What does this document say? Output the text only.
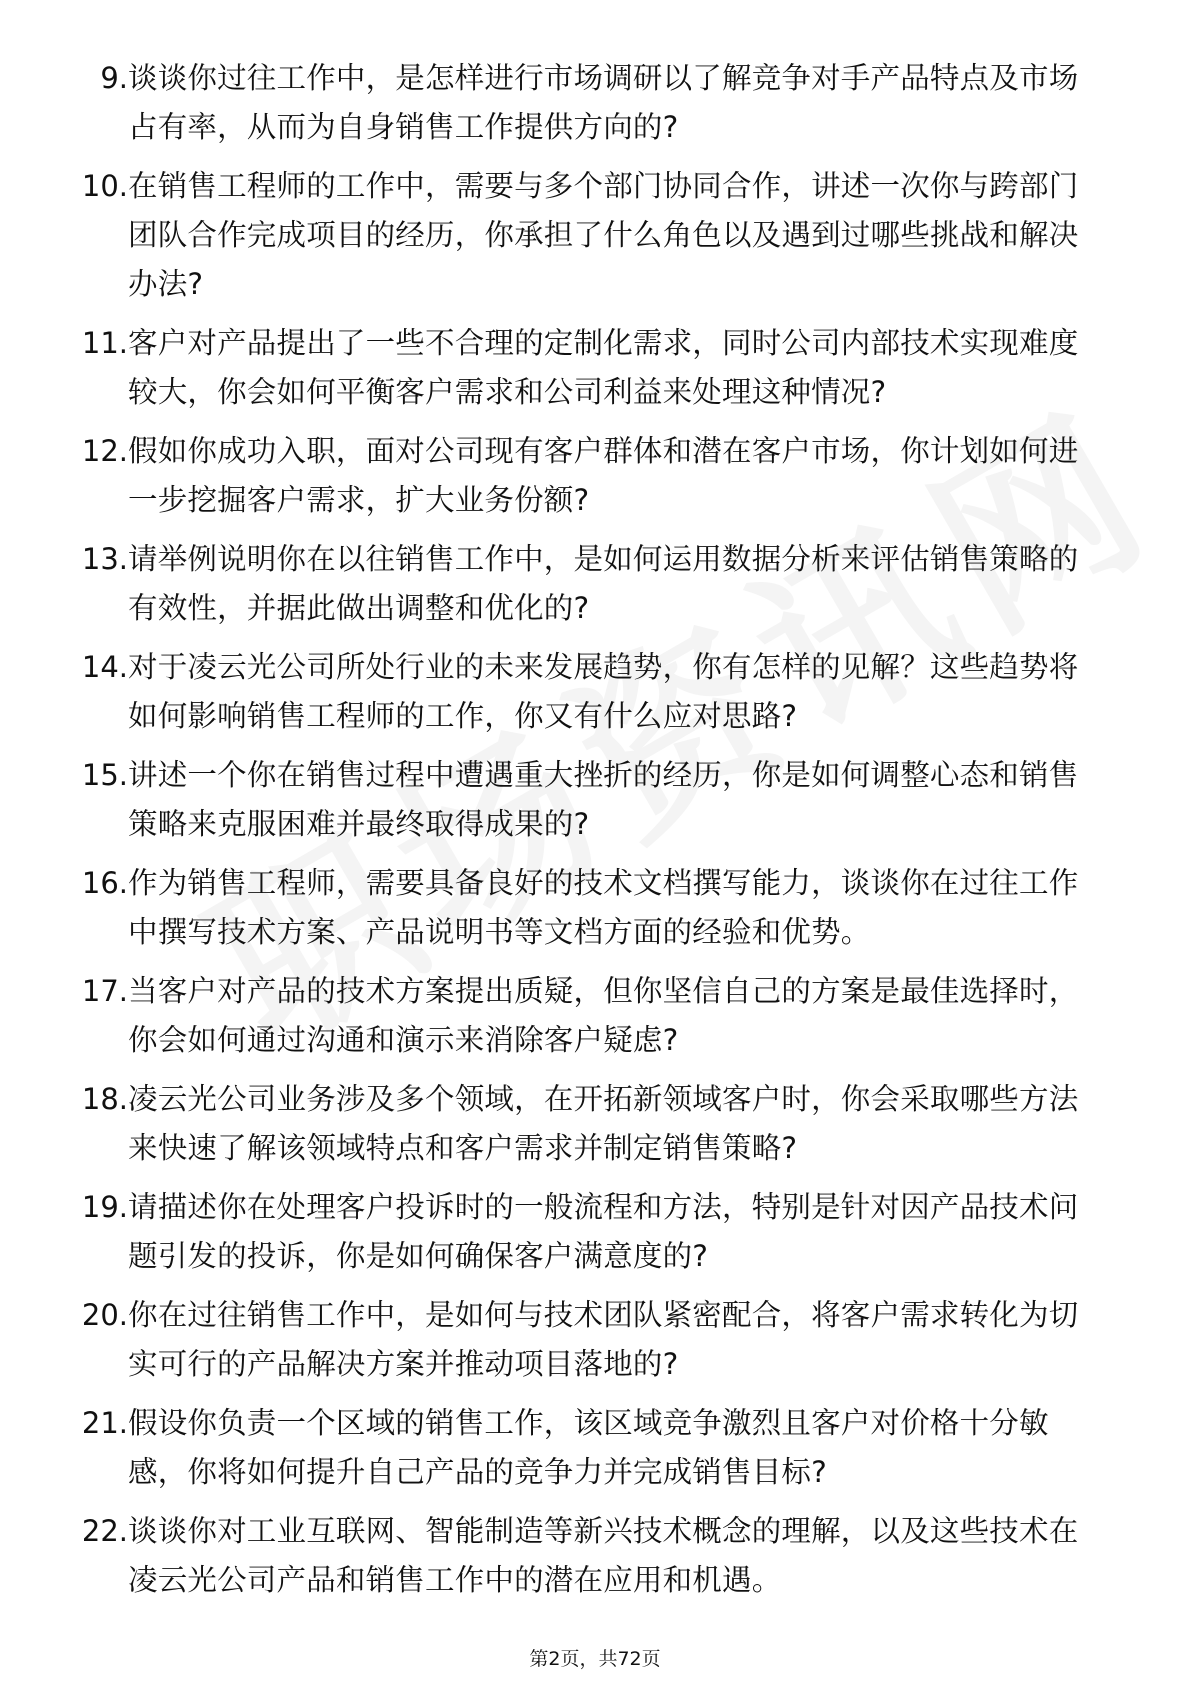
9. 谈谈你过往工作中，是怎样进行市场调研以了解竞争对手产品特点及市场占有率，从而为自身销售工作提供方向的?
10. 在销售工程师的工作中，需要与多个部门协同合作，讲述一次你与跨部门团队合作完成项目的经历，你承担了什么角色以及遇到过哪些挑战和解决办法?
11. 客户对产品提出了一些不合理的定制化需求，同时公司内部技术实现难度较大，你会如何平衡客户需求和公司利益来处理这种情况?
12. 假如你成功入职，面对公司现有客户群体和潜在客户市场，你计划如何进一步挖掘客户需求，扩大业务份额?
13. 请举例说明你在以往销售工作中，是如何运用数据分析来评估销售策略的有效性，并据此做出调整和优化的?
14. 对于凌云光公司所处行业的未来发展趋势，你有怎样的见解？这些趋势将如何影响销售工程师的工作，你又有什么应对思路?
15. 讲述一个你在销售过程中遭遇重大挫折的经历，你是如何调整心态和销售策略来克服困难并最终取得成果的?
16. 作为销售工程师，需要具备良好的技术文档撰写能力，谈谈你在过往工作中撰写技术方案、产品说明书等文档方面的经验和优势。
17. 当客户对产品的技术方案提出质疑，但你坚信自己的方案是最佳选择时，你会如何通过沟通和演示来消除客户疑虑?
18. 凌云光公司业务涉及多个领域，在开拓新领域客户时，你会采取哪些方法来快速了解该领域特点和客户需求并制定销售策略?
19. 请描述你在处理客户投诉时的一般流程和方法，特别是针对因产品技术问题引发的投诉，你是如何确保客户满意度的?
20. 你在过往销售工作中，是如何与技术团队紧密配合，将客户需求转化为切实可行的产品解决方案并推动项目落地的?
21. 假设你负责一个区域的销售工作，该区域竞争激烈且客户对价格十分敏感，你将如何提升自己产品的竞争力并完成销售目标?
22. 谈谈你对工业互联网、智能制造等新兴技术概念的理解，以及这些技术在凌云光公司产品和销售工作中的潜在应用和机遇。
第2页，共72页
